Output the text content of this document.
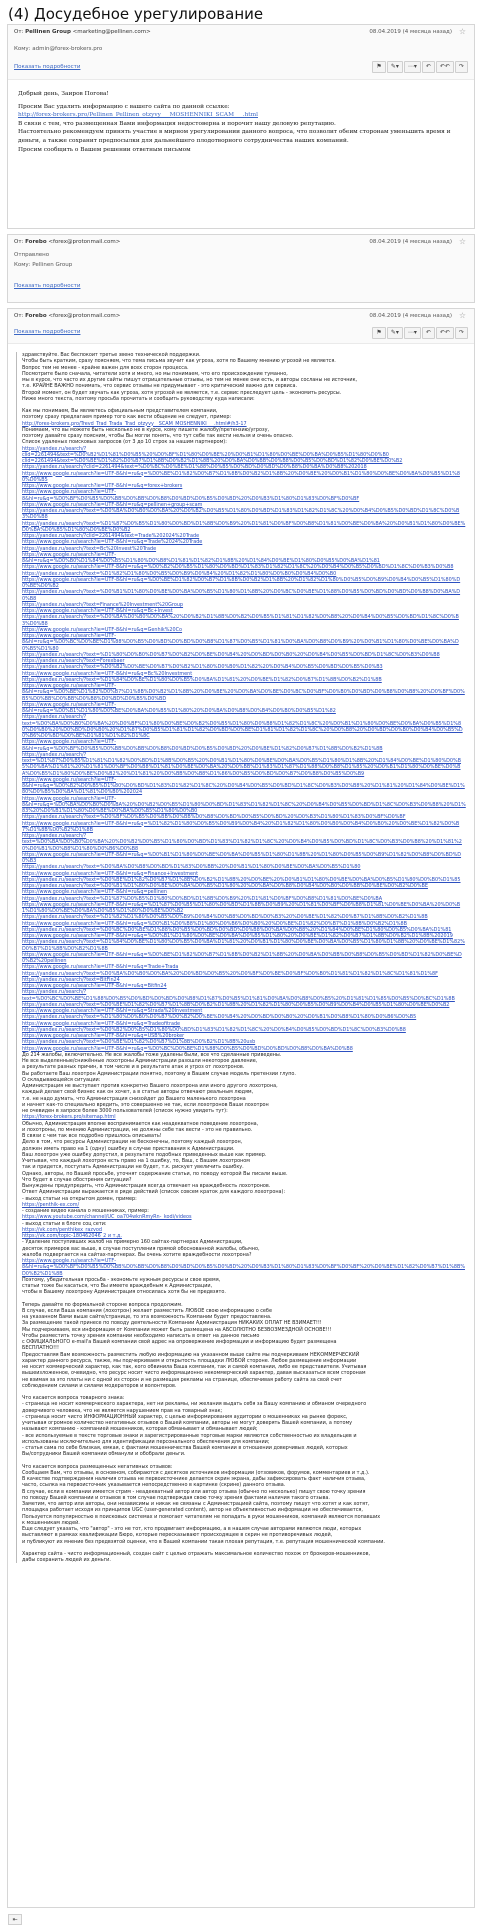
(4) Досудебное урегулирование
От: Pellinen Group <marketing@pellinen.com>	08.04.2019 (4 месяца назад) ☆
Кому: admin@forex-brokers.pro
Показать подробности	⚑	✎▾	⋯▾	↶	↶↶	↷

Добрый день, Заиров Погова!

Просим Вас удалить информацию с вашего сайта по данной ссылке:

http://forex-brokers.pro/Pellinen_Pellinen_otzyvy___MOSHENNIKI_SCAM___.html

В связи с тем, что размещенная Вами информация недостоверна и порочит нашу деловую репутацию.

Настоятельно рекомендуем принять участие в мирном урегулировании данного вопроса, что позволит обеим сторонам уменьшить время и деньги, а также сохранит предпосылки для дальнейшего плодотворного сотрудничества наших компаний.

Просим сообщить о Вашем решении ответным письмом

От: Forebo <forex@protonmail.com>	08.04.2019 (4 месяца назад) ☆
Отправлено
Кому: Pellinen Group
Показать подробности
От: Forebo <forex@protonmail.com>	08.04.2019 (4 месяца назад) ☆
Показать подробности	⚑	✎▾	⋯▾	↶	↶↶	↷
здравствуйте. Вас беспокоит третье звено технической поддержки.
Чтобы быть кратким, сразу поясняем, что тема письма звучит как угроза, хотя по Вашему мнению угрозой не является.
Вопрос тем не менее - крайне важен для всех сторон процесса.
Посмотрите было сначала, читатели хотя и много, но мы понимаем, что его происхождение туманно,
мы в курсе, что часто их другие сайты пишут отрицательные отзывы, но тем не менее они есть, и авторы сосланы не источник,
т.е. КРАЙНЕ ВАЖНО понимать, что сервис отзывы не придумывает - это критический важно для сервиса.
Второй момент, он будет звучать как угроза, хотя угрозой не является, т.е. сервис преследует цель - экономить ресурсы.
Ниже много текста, поэтому просьба прочитать и сообщить руководству куда написали:
Как мы понимаем, Вы являетесь официальным представителем компании,
поэтому сразу предлагаем пример того как вести общение не следует, пример:
http://forex-brokers.pro/Trevd_Trad_Trada_Trad_otzyvy__SCAM_MOSHENNIKI___.html#/h3-17
Понимаем, что вы можете быть несколько не в курсе, кому пишете жалобу/претензию/угрозу,
поэтому давайте сразу поясним, чтобы Вы могли понять, что тут себе так вести нельзя и очень опасно.
Список удаленых поисковых запросов (от 3 до 10 строк за нашим партнером):
https://yandex.ru/search/?
clid=2261494&text=%D0%B2%D1%81%D0%B5%20%D0%BF%D1%80%D0%BE%20%D0%B1%D1%80%D0%BE%D0%BA%D0%B5%D1%80%D0%B0
clid=2261494&text=%D0%BE%D1%82%D0%B7%D1%8B%D0%B2%D1%8B%20%D0%BA%D0%BB%D0%B8%D0%B5%D0%BD%D1%82%D0%BE%D0%B2
https://yandex.ru/search/?clid=2261494&text=%D0%BC%D0%BE%D1%88%D0%B5%D0%BD%D0%BD%D0%B8%D0%BA%D0%B8%202018
https://www.google.ru/search?ie=UTF-8&hl=ru&q=%D0%BE%D1%82%D0%B7%D1%8B%D0%B2%D1%8B%20%D0%BE%20%D0%B1%D1%80%D0%BE%D0%BA%D0%B5%D1%80%D0%B5
https://www.google.ru/search?ie=UTF-8&hl=ru&q=forex+brokers
https://www.google.ru/search?ie=UTF-
8&hl=ru&q=%D0%BF%D0%B5%D0%BB%D0%BB%D0%B8%D0%BD%D0%B5%D0%BD%20%D0%B3%D1%80%D1%83%D0%BF%D0%BF
https://www.google.ru/search?ie=UTF-8&hl=ru&q=pellinen+group+scam
https://yandex.ru/search/?text=%D0%BA%D0%B0%D0%BA%20%D0%B2%D0%B5%D1%80%D0%BD%D1%83%D1%82%D1%8C%20%D0%B4%D0%B5%D0%BD%D1%8C%D0%B3%D0%B8
https://yandex.ru/search/?text=%D1%87%D0%B5%D1%80%D0%BD%D1%8B%D0%B9%20%D1%81%D0%BF%D0%B8%D1%81%D0%BE%D0%BA%20%D0%B1%D1%80%D0%BE%D0%BA%D0%B5%D1%80%D0%BE%D0%B2
https://yandex.ru/search/?clid=2261494&text=Trade%202024%20Trade
https://www.google.ru/search?ie=UTF-8&hl=ru&q=Trade%2024%20Trade
https://yandex.ru/search/?text=Bc%20Invest%20Trade
https://www.google.ru/search?ie=UTF-
8&hl=ru&q=%D0%B0%D1%84%D0%B5%D1%80%D0%B8%D1%81%D1%82%D1%8B%20%D1%84%D0%BE%D1%80%D0%B5%D0%BA%D1%81
https://www.google.ru/search?ie=UTF-8&hl=ru&q=%D0%B2%D0%B5%D1%80%D0%BD%D1%83%D1%82%D1%8C%20%D0%B4%D0%B5%D0%BD%D1%8C%D0%B3%D0%B8
https://yandex.ru/search/?text=%D1%82%D1%80%D0%B5%D0%B9%D0%B4%20%D1%82%D1%80%D0%B0%D0%B4%D0%B0
https://www.google.ru/search?ie=UTF-8&hl=ru&q=%D0%BE%D1%82%D0%B7%D1%8B%D0%B2%D1%8B%20%D1%82%D1%80%D0%B5%D0%B9%D0%B4%D0%B5%D1%80%D0%BE%D0%B2
https://yandex.ru/search/?text=%D0%B1%D1%80%D0%BE%D0%BA%D0%B5%D1%80%D1%8B%20%D0%BC%D0%BE%D1%88%D0%B5%D0%BD%D0%BD%D0%B8%D0%BA%D0%B8
https://yandex.ru/search/?text=Finance%20Investment%20Group
https://www.google.ru/search?ie=UTF-8&hl=ru&q=Bc+Invest
https://yandex.ru/search/?text=%D0%BA%D0%B0%D0%BA%20%D0%B2%D1%8B%D0%B2%D0%B5%D1%81%D1%82%D0%B8%20%D0%B4%D0%B5%D0%BD%D1%8C%D0%B3%D0%B8
https://www.google.ru/search?ie=UTF-8&hl=ru&q=Genhik%20Co
https://www.google.ru/search?ie=UTF-
8&hl=ru&q=%D0%BC%D0%BE%D1%88%D0%B5%D0%BD%D0%BD%D0%B8%D1%87%D0%B5%D1%81%D0%BA%D0%B8%D0%B9%20%D0%B1%D1%80%D0%BE%D0%BA%D0%B5%D1%80
https://yandex.ru/search/?text=%D1%80%D0%B0%D0%B7%D0%B2%D0%BE%D0%B4%20%D0%BD%D0%B0%20%D0%B4%D0%B5%D0%BD%D1%8C%D0%B3%D0%B8
https://yandex.ru/search/?text=Forexbaer
https://yandex.ru/search/?text=%D0%B2%D0%BE%D0%B7%D0%B2%D1%80%D0%B0%D1%82%20%D0%B4%D0%B5%D0%BD%D0%B5%D0%B3
https://www.google.ru/search?ie=UTF-8&hl=ru&q=Bc%20Investment
https://yandex.ru/search/?text=%D1%84%D0%BE%D1%80%D0%B5%D0%BA%D1%81%20%D0%BE%D1%82%D0%B7%D1%8B%D0%B2%D1%8B
https://www.google.ru/search?ie=UTF-
8&hl=ru&q=%D0%BE%D1%82%D0%B7%D1%8B%D0%B2%D1%8B%20%D0%BE%20%D0%BA%D0%BE%D0%BC%D0%BF%D0%B0%D0%BD%D0%B8%D0%B8%20%D0%BF%D0%B5%D0%BB%D0%BB%D0%B8%D0%BD%D0%B5%D0%BD
https://www.google.ru/search?ie=UTF-
8&hl=ru&q=%D0%B1%D1%80%D0%BE%D0%BA%D0%B5%D1%80%20%D0%BA%D0%B8%D0%B4%D0%B0%D0%B5%D1%82
https://yandex.ru/search/?
text=%D0%BA%D0%B0%D0%BA%20%D0%BF%D1%80%D0%BE%D0%B2%D0%B5%D1%80%D0%B8%D1%82%D1%8C%20%D0%B1%D1%80%D0%BE%D0%BA%D0%B5%D1%80%D0%B0%20%D0%BD%D0%B0%20%D1%87%D0%B5%D1%81%D1%82%D0%BD%D0%BE%D1%81%D1%82%D1%8C%20%D0%B8%20%D0%BD%D0%B0%D0%B4%D0%B5%D0%B6%D0%BD%D0%BE%D1%81%D1%82%D1%8C
https://www.google.ru/search?ie=UTF-
8&hl=ru&q=%D0%BF%D0%B5%D0%BB%D0%BB%D0%B8%D0%BD%D0%B5%D0%BD%20%D0%BE%D1%82%D0%B7%D1%8B%D0%B2%D1%8B
https://yandex.ru/search/?
text=%D1%87%D0%B5%D1%81%D1%82%D0%BD%D1%8B%D0%B5%20%D0%B1%D1%80%D0%BE%D0%BA%D0%B5%D1%80%D1%8B%20%D1%84%D0%BE%D1%80%D0%B5%D0%BA%D1%81%20%D1%81%D0%BF%D0%B8%D1%81%D0%BE%D0%BA%20%D0%BB%D1%83%D1%87%D1%88%D0%B8%D1%85%20%D0%B1%D1%80%D0%BE%D0%BA%D0%B5%D1%80%D0%BE%D0%B2%20%D1%81%20%D0%BB%D0%B8%D1%86%D0%B5%D0%BD%D0%B7%D0%B8%D0%B5%D0%B9
https://www.google.ru/search?ie=UTF-
8&hl=ru&q=%D0%B2%D0%B5%D1%80%D0%BD%D1%83%D1%82%D1%8C%20%D0%B4%D0%B5%D0%BD%D1%8C%D0%B3%D0%B8%20%D1%81%20%D1%84%D0%BE%D1%80%D0%B5%D0%BA%D1%81%D0%B0%202024
https://www.google.ru/search?ie=UTF-
8&hl=ru&q=%D0%BA%D0%B0%D0%BA%20%D0%B2%D0%B5%D1%80%D0%BD%D1%83%D1%82%D1%8C%20%D0%B4%D0%B5%D0%BD%D1%8C%D0%B3%D0%B8%20%D1%83%20%D0%B1%D1%80%D0%BE%D0%BA%D0%B5%D1%80%D0%B0
https://yandex.ru/search/?text=%D0%BF%D0%B5%D0%BB%D0%BB%D0%B8%D0%BD%D0%B5%D0%BD%20%D0%B3%D1%80%D1%83%D0%BF%D0%BF
https://www.google.ru/search?ie=UTF-8&hl=ru&q=%D1%82%D1%80%D0%B5%D0%B9%D0%B4%20%D1%82%D1%80%D0%B0%D0%B4%D0%B0%20%D0%BE%D1%82%D0%B7%D1%8B%D0%B2%D1%8B
https://yandex.ru/search/?
text=%D0%BA%D0%B0%D0%BA%20%D0%B2%D0%B5%D1%80%D0%BD%D1%83%D1%82%D1%8C%20%D0%B4%D0%B5%D0%BD%D1%8C%D0%B3%D0%B8%20%D1%81%20%D0%B1%D0%B8%D1%80%D0%B6%D0%B8
https://www.google.ru/search?ie=UTF-8&hl=ru&q=%D0%B1%D1%80%D0%BE%D0%BA%D0%B5%D1%80%D1%8B%20%D1%80%D0%B5%D0%B9%D1%82%D0%B8%D0%BD%D0%B3
https://yandex.ru/search/?text=%D0%BA%D0%B8%D0%BD%D1%83%D0%BB%20%D0%B1%D1%80%D0%BE%D0%BA%D0%B5%D1%80
https://www.google.ru/search?ie=UTF-8&hl=ru&q=Finance+Investment
https://yandex.ru/search/?text=%D0%BE%D1%82%D0%B7%D1%8B%D0%B2%D1%8B%20%D0%BE%20%D0%B1%D1%80%D0%BE%D0%BA%D0%B5%D1%80%D0%B0%D1%85
https://yandex.ru/search/?text=%D0%B1%D1%80%D0%BE%D0%BA%D0%B5%D1%80%20%D0%BA%D0%B8%D0%B4%D0%B0%D0%BB%D0%BE%D0%B2%D0%BE
https://www.google.ru/search?ie=UTF-8&hl=ru&q=pellinen
https://yandex.ru/search/?text=%D1%87%D0%B5%D1%80%D0%BD%D1%8B%D0%B9%20%D1%81%D0%BF%D0%B8%D1%81%D0%BE%D0%BA
https://www.google.ru/search?ie=UTF-8&hl=ru&q=%D1%87%D0%B5%D1%80%D0%BD%D1%8B%D0%B9%20%D1%81%D0%BF%D0%B8%D1%81%D0%BE%D0%BA%20%D0%B1%D1%80%D0%BE%D0%BA%D0%B5%D1%80%D0%BE%D0%B2
https://yandex.ru/search/?text=%D1%82%D1%80%D0%B5%D0%B9%D0%B4%D0%B8%D0%BD%D0%B3%20%D0%BE%D1%82%D0%B7%D1%8B%D0%B2%D1%8B
https://www.google.ru/search?ie=UTF-8&hl=ru&q=%D0%B1%D0%B8%D1%80%D0%B6%D0%B0%20%D0%BE%D1%82%D0%B7%D1%8B%D0%B2%D1%8B
https://yandex.ru/search/?text=%D0%BC%D0%BE%D1%88%D0%B5%D0%BD%D0%BD%D0%B8%D0%BA%D0%B8%20%D1%84%D0%BE%D1%80%D0%B5%D0%BA%D1%81
https://www.google.ru/search?ie=UTF-8&hl=ru&q=%D0%B1%D1%80%D0%BE%D0%BA%D0%B5%D1%80%20%D0%BE%D1%82%D0%B7%D1%8B%D0%B2%D1%8B%202019
https://yandex.ru/search/?text=%D1%84%D0%BE%D1%80%D0%B5%D0%BA%D1%81%20%D0%B1%D1%80%D0%BE%D0%BA%D0%B5%D1%80%D1%8B%20%D0%BE%D1%82%D0%B7%D1%8B%D0%B2%D1%8B
https://www.google.ru/search?ie=UTF-8&hl=ru&q=%D0%BE%D1%82%D0%B7%D1%8B%D0%B2%D1%8B%20%D0%BA%D0%BB%D0%B8%D0%B5%D0%BD%D1%82%D0%BE%D0%B2%20pellinen
https://www.google.ru/search?ie=UTF-8&hl=ru&q=Trade+Trada
https://yandex.ru/search/?text=%D0%BA%D0%B0%D0%BA%20%D0%BD%D0%B5%20%D0%BF%D0%BE%D0%BF%D0%B0%D1%81%D1%82%D1%8C%D1%81%D1%8F
https://yandex.ru/search/?text=BitFin24
https://www.google.ru/search?ie=UTF-8&hl=ru&q=Bitfin24
https://yandex.ru/search/?
text=%D0%BC%D0%BE%D1%88%D0%B5%D0%BD%D0%BD%D0%B8%D1%87%D0%B5%D1%81%D0%BA%D0%B8%D0%B5%20%D1%81%D1%85%D0%B5%D0%BC%D1%8B
https://yandex.ru/search/?text=%D0%BE%D1%82%D0%B7%D1%8B%D0%B2%D1%8B%20%D1%82%D1%80%D0%B5%D0%B9%D0%B4%D0%B5%D1%80%D0%BE%D0%B2
https://www.google.ru/search?ie=UTF-8&hl=ru&q=Strada%20Investment
https://yandex.ru/search/?text=%D1%80%D0%B0%D0%B7%D0%B2%D0%BE%D0%B4%20%D0%BD%D0%B0%20%D0%B1%D0%B8%D1%80%D0%B6%D0%B5
https://www.google.ru/search?ie=UTF-8&hl=ru&q=Tradeofitrade
https://yandex.ru/search/?text=%D0%B2%D0%B5%D1%80%D0%BD%D1%83%D1%82%D1%8C%20%D0%B4%D0%B5%D0%BD%D1%8C%D0%B3%D0%B8
https://www.google.ru/search?ie=UTF-8&hl=ru&q=USB%20broker
https://yandex.ru/search/?text=%D0%BE%D1%82%D0%B7%D1%8B%D0%B2%D1%8B%20usb
https://www.google.ru/search?ie=UTF-8&hl=ru&q=%D0%BC%D0%BE%D1%88%D0%B5%D0%BD%D0%BD%D0%B8%D0%BA%D0%B8
До 214 жалобы, включительно. Не все жалобы тоже удалены были, все что сделанные приведены.
Не все выделенные/снижённые лохотроны Администрации разошли некоторое давление,
а результате разных причин, в том числе и в результате атак и угроз от лохотронов.
Вы работаете Ваш лохотрон Администрации понятно, поэтому в Вашем случае модель претензии глупо.
О складывающейся ситуации:
Администрация не выступает против конкретно Вашего лохотрона или иного другого лохотрона,
каждый делает свой бизнес как он хочет, а в статье авторы отвечают реальным людям,
т.е. не надо думать, что Администрация снизойдет до Вашего маленького лохотрона
и начнет как-то специально вредить, это совершенно не так, если лохотронов Ваши лохотрон
не очевиден в запросе более 3000 пользователей (список нужно увидеть тут):
https://forex-brokers.pro/sitemap.html
Обычно, Администрация вполне воспринимается как неадекватное поведение лохотрона,
и лохотроны, по мнению Администрации, не должны себе так вести - это не правильно.
В связи с чем так все подробно пришлось описывать!
Дело в том, что ресурсы Администрации не бесконечны, поэтому каждый лохотрон,
должен иметь право на 1 (одну) ошибку в случае приставания к Администрации.
Ваш лохотрон уже ошибку допустил, в результате подобных приведенных выше как пример.
Учитывая, что каждый лохотрон есть право на 1 ошибку, то, Ваш, с Вашим лохотроном
так и придется, поступать Администрации не будет, т.к. рискует увеличить ошибку.
Однако, авторы, по Вашей просьбе, уточнят содержание статьи, по поводу которой Вы писали выше.
Что будет в случае обострения ситуации?
Вынуждены предупредить, что Администрация всегда отвечает на враждебность лохотронов.
Ответ Администрации выражается в ряде действий (список совсем краток для каждого лохотрона):
- выход статьи на открытом домен, пример:
https://penthik-ex.com/
- создание видео канала о мошенниках, пример:
https://www.youtube.com/channel/UC_oa704wknRmyRn-_kodi/videos
- выход статьи в блоге соц сети:
https://vk.com/penthikex_razvod
https://vk.com/topic-180462046_2 и т.д.
- Удаление поступивших жалоб на примерно 160 сайтах-партнерах Администрации,
десяток примеров вас выше, в случае поступления прямой обоснованной жалобы, обычно,
жалоба подвергается на сайтах-партнерах. Вы очень хотите враждебности лохотрона?
https://www.google.ru/search?ie=UTF-
8&hl=ru&q=%D0%BF%D0%B5%D0%BB%D0%BB%D0%B8%D0%BD%D0%B5%D0%BD%20%D0%B3%D1%80%D1%83%D0%BF%D0%BF%20%D0%BE%D1%82%D0%B7%D1%8B%D0%B2%D1%8B
Поэтому, убедительная просьба - экономьте нужным ресурсы и свое время,
статьи тоже бы касаться, что Вы имеете враждебным к Администрации,
чтобы в Вашему лохотрону Администрация относилась хотя бы не предвзято.
Теперь давайте по формальной стороне вопроса продолжим.
В случае, если Ваша компания (лохотрон) желает разместить ЛЮБОЕ свою информацию о себе
на указанном Вами выше сайте/странице, то эта возможность Компании будет предоставлена.
За размещение такой принесе по поводу деятельности Компании Администрация НИКАКИХ ОПЛАТ НЕ ВЗИМАЕТ!!!
Мы подчеркиваем, вся информация от Компании может быть размещена на АБСОЛЮТНО БЕЗВОЗМЕЗДНОЙ ОСНОВЕ!!!
Чтобы разместить точку зрения компании необходимо написать в ответ на данное письмо
с ОФИЦИАЛЬНОГО e-mail'a Вашей компании свой адрес на опровержение информации и информацию будет размещена
БЕСПЛАТНО!!!
Предоставляя Вам возможность разместить любую информацию на указанном выше сайте мы подчеркиваем НЕКОММЕРЧЕСКИЙ
характер данного ресурса, также, мы подчеркиваем и открытость площадки ЛЮБОЙ стороне. Любое размещение информации
не носит коммерческий характер, как так, кого обвинила Ваша компания, так и самой компании, либо ее представителя. Учитывая
вышеизложенное, очевидно, что ресурс носит чисто информационно некоммерческий характер, давая высказаться всем сторонам
не взимая за это платы ни с одной из сторон и не размещая рекламы на странице, обеспечивая работу сайта за свой счет
соблюдением силами и силами модераторов и волонтеров.
Что касается вопроса товарного знака:
- страница не носит коммерческого характера, нет ни рекламы, ни желания выдать себя за Вашу компанию и обманом очередного
доверчивого человека, что не является нарушением прав на товарный знак;
- страница носит чисто ИНФОРМАЦИОННЫЙ характер, с целью информирования аудитории о мошенниках на рынке форекс,
учитывая огромное количество негативных отзывов о Вашей компании, авторы не могут доверять Вашей компании, а потому
называют компанию - компанией мошенников, которая обманывает и обманывает людей;
- все используемые в тексте торговые знаки и зарегистрированные торговые марки являются собственностью их владельцев и
использованы исключительно для идентификации персонального обеспечения для компании;
- статья сама по себе близкая, емкая, с фактами мошенничества Вашей компании в отношении доверчивых людей, которых
Вы/сотрудники Вашей компании обманули и обобрали деньги.
Что касается вопроса размещенных негативных отзывов:
Сообщаем Вам, что отзывы, в основном, собираются с десятков источников информации (отзовиков, форумов, комментариев и т.д.).
В качестве подтверждения наличия отзыва не первоисточнике делается скрин экрана, дабы зафиксировать факт наличия отзыва,
часто, ссылка на первоисточник указывается непосредственно в картинке (скрине) данного отзыва.
В случае, если в компании имеется стрим - неадекватный автор или автор отзыва (обычно по несколько) пишут свою точку зрения
по поводу Вашей компании и отзывов в том случае подтверждая свою точку зрения фактами наличия такого отзыва.
Заметим, что автор или авторы, они независимы и никак не связаны с Администрацией сайта, поэтому пишут что хотят и как хотят,
площадка работает исходя из принципов UGC (user-generated content), автор не объективностью информации не обеспечивается,
Пользуется популярностью в поисковых системах и помогает читателям не попадать в руки мошенников, компаний являются попавших
к мошенникам людей.
Еще следует указать, что "автор" - это не тот, кто продвигает информацию, а в нашем случае авторами являются люди, которых
выставляют в рамках квалификации Бюро, которые пересказывают происходящее в скрин не противоречивых людей,
и публикуют их мнение без предвзятой оценки, что в Вашей компании такая плохая репутация, т.е. репутация мошеннической компании.
Характер сайта - чисто информационный, создан сайт с целью отражать максимальное количество похож от брокеров-мошенников,
дабы сохранить людей их деньги.
⇤
